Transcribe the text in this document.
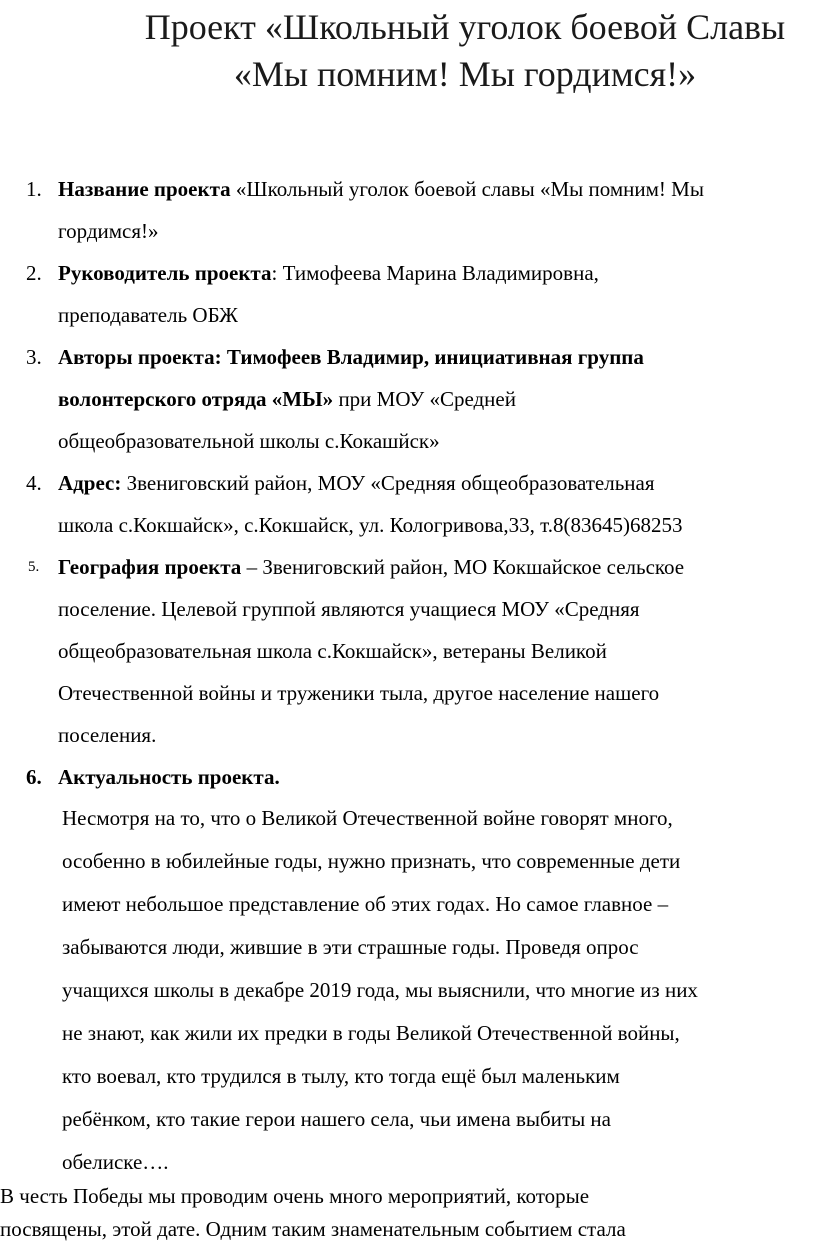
Проект «Школьный уголок боевой Славы
«Мы помним! Мы гордимся!»
1. Название проекта «Школьный уголок боевой славы «Мы помним! Мы

гордимся!»

2. Руководитель проекта: Тимофеева Марина Владимировна,

преподаватель ОБЖ

3. Авторы проекта: Тимофеев Владимир, инициативная группа

волонтерского отряда «МЫ» при МОУ «Средней

общеобразовательной школы с.Кокашйск»

4. Адрес: Звениговский район, МОУ «Средняя общеобразовательная

школа с.Кокшайск», с.Кокшайск, ул. Кологривова,33, т.8(83645)68253

5. География проекта – Звениговский район, МО Кокшайское сельское

поселение. Целевой группой являются учащиеся МОУ «Средняя

общеобразовательная школа с.Кокшайск», ветераны Великой

Отечественной войны и труженики тыла, другое население нашего

поселения.

6. Актуальность проекта.

Несмотря на то, что о Великой Отечественной войне говорят много,

особенно в юбилейные годы, нужно признать, что современные дети

имеют небольшое представление об этих годах. Но самое главное –

забываются люди, жившие в эти страшные годы. Проведя опрос

учащихся школы в декабре 2019 года, мы выяснили, что многие из них

не знают, как жили их предки в годы Великой Отечественной войны,

кто воевал, кто трудился в тылу, кто тогда ещё был маленьким

ребёнком, кто такие герои нашего села, чьи имена выбиты на

обелиске….

В честь Победы мы проводим очень много мероприятий, которые

посвящены, этой дате. Одним таким знаменательным событием стала
